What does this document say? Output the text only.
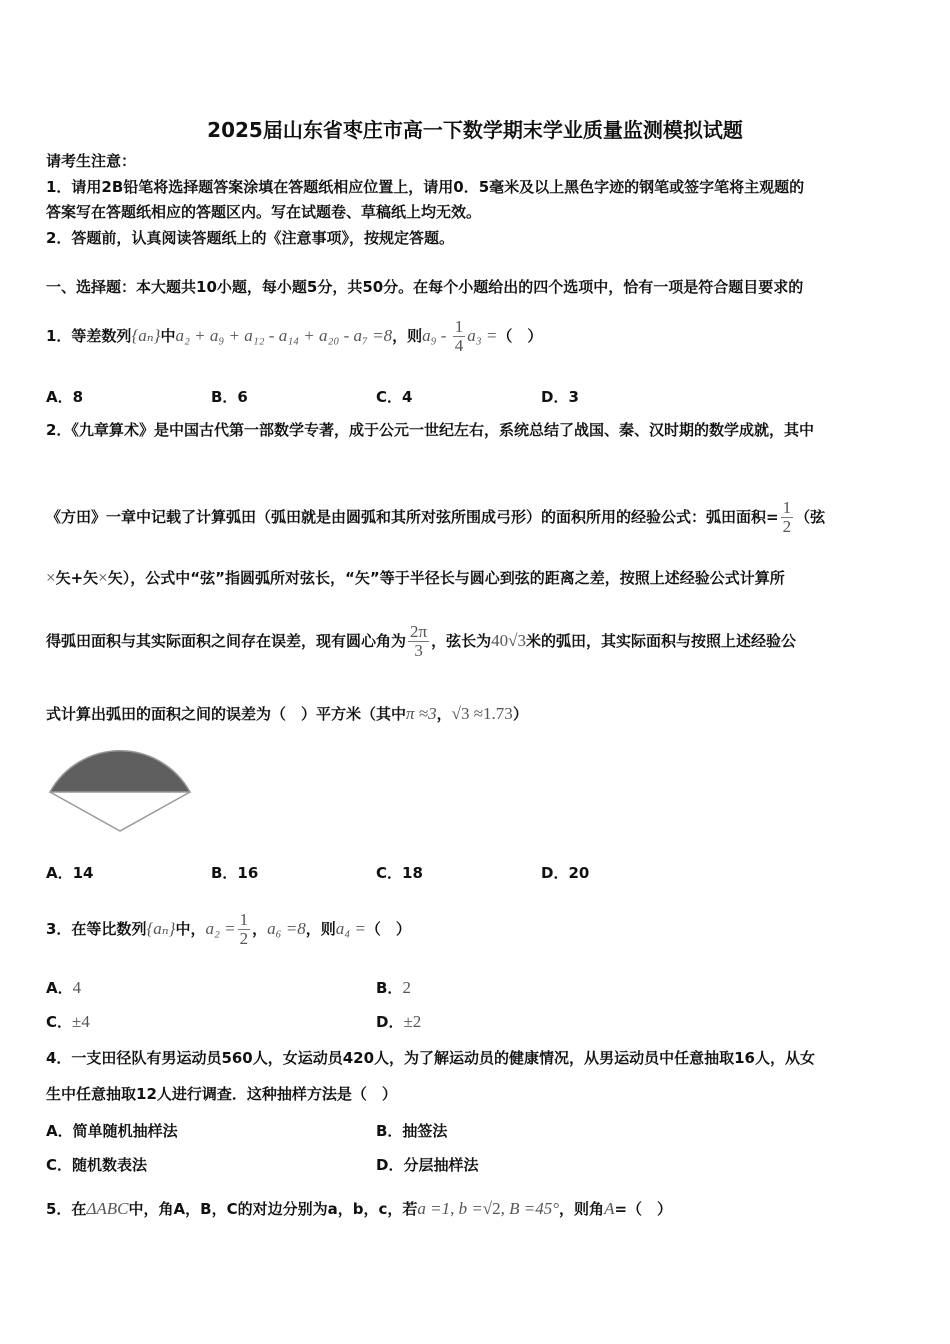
2025届山东省枣庄市高一下数学期末学业质量监测模拟试题
请考生注意：
1．请用2B铅笔将选择题答案涂填在答题纸相应位置上，请用0．5毫米及以上黑色字迹的钢笔或签字笔将主观题的
答案写在答题纸相应的答题区内。写在试题卷、草稿纸上均无效。
2．答题前，认真阅读答题纸上的《注意事项》，按规定答题。
一、选择题：本大题共10小题，每小题5分，共50分。在每个小题给出的四个选项中，恰有一项是符合题目要求的
1．等差数列{aₙ}中a₂ + a₉ + a₁₂ - a₁₄ + a₂₀ - a₇ =8，则$a_9 - \frac{1}{4} a_3$ =（　）
A．8	B．6	C．4	D．3
2．《九章算术》是中国古代第一部数学专著，成于公元一世纪左右，系统总结了战国、秦、汉时期的数学成就，其中
《方田》一章中记载了计算弧田（弧田就是由圆弧和其所对弦所围成弓形）的面积所用的经验公式：弧田面积= $\frac{1}{2}$ （弦
×矢+矢×矢），公式中“弦”指圆弧所对弦长，“矢”等于半径长与圆心到弦的距离之差，按照上述经验公式计算所
得弧田面积与其实际面积之间存在误差，现有圆心角为 $\frac{2\pi}{3}$ ，弦长为40√3米的弧田，其实际面积与按照上述经验公
式计算出弧田的面积之间的误差为（　）平方米（其中π ≈3，√3 ≈1.73）
A．14	B．16	C．18	D．20
3．在等比数列{aₙ}中，$a_2 = \frac{1}{2}$ ，a₆ =8，则a₄ =（　）
A．4	B．2
C．±4	D．±2
4．一支田径队有男运动员560人，女运动员420人，为了解运动员的健康情况，从男运动员中任意抽取16人，从女
生中任意抽取12人进行调查．这种抽样方法是（　）
A．简单随机抽样法	B．抽签法
C．随机数表法	D．分层抽样法
5．在ΔABC中，角A，B，C的对边分别为a，b，c，若a =1, b =√2, B =45°，则角A=（　）
